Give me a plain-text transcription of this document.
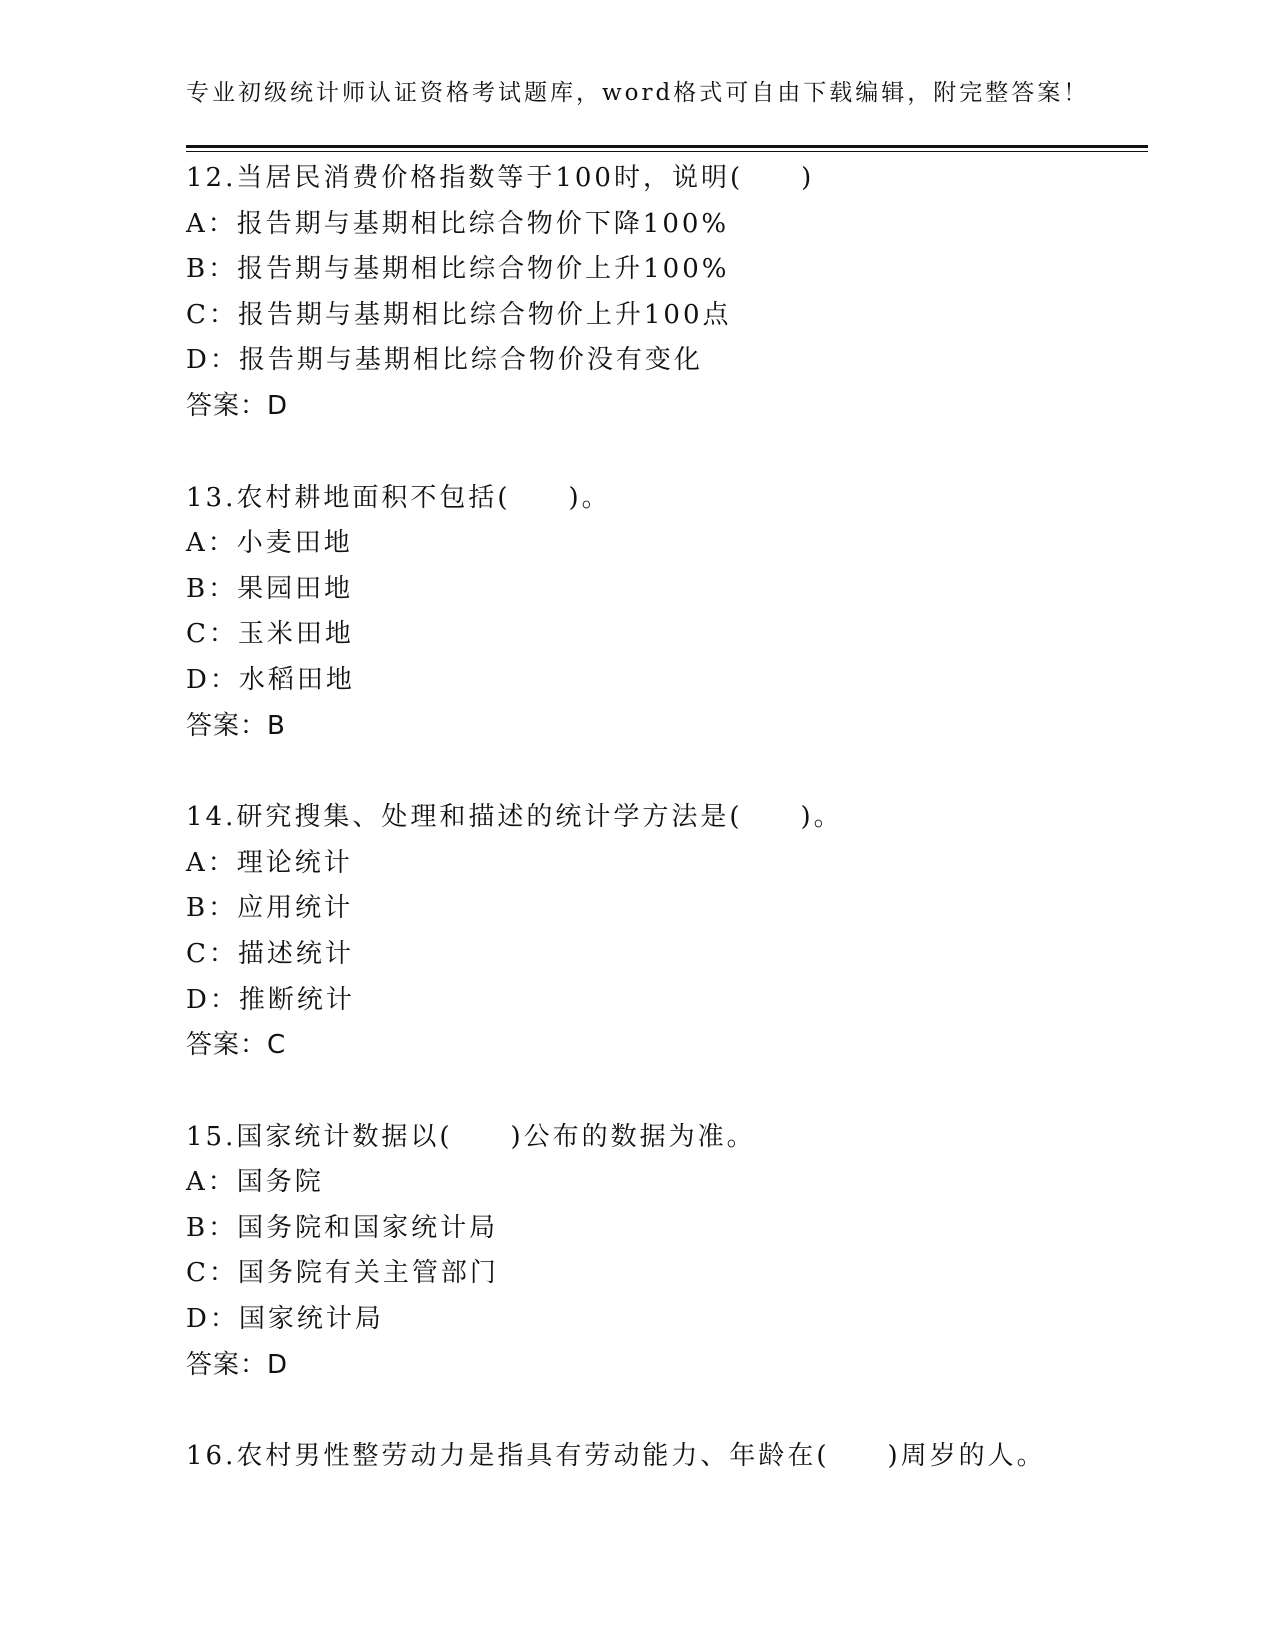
专业初级统计师认证资格考试题库，word格式可自由下载编辑，附完整答案！
12.当居民消费价格指数等于100时，说明(　　)
A：报告期与基期相比综合物价下降100%
B：报告期与基期相比综合物价上升100%
C：报告期与基期相比综合物价上升100点
D：报告期与基期相比综合物价没有变化
答案：D
13.农村耕地面积不包括(　　)。
A：小麦田地
B：果园田地
C：玉米田地
D：水稻田地
答案：B
14.研究搜集、处理和描述的统计学方法是(　　)。
A：理论统计
B：应用统计
C：描述统计
D：推断统计
答案：C
15.国家统计数据以(　　)公布的数据为准。
A：国务院
B：国务院和国家统计局
C：国务院有关主管部门
D：国家统计局
答案：D
16.农村男性整劳动力是指具有劳动能力、年龄在(　　)周岁的人。
